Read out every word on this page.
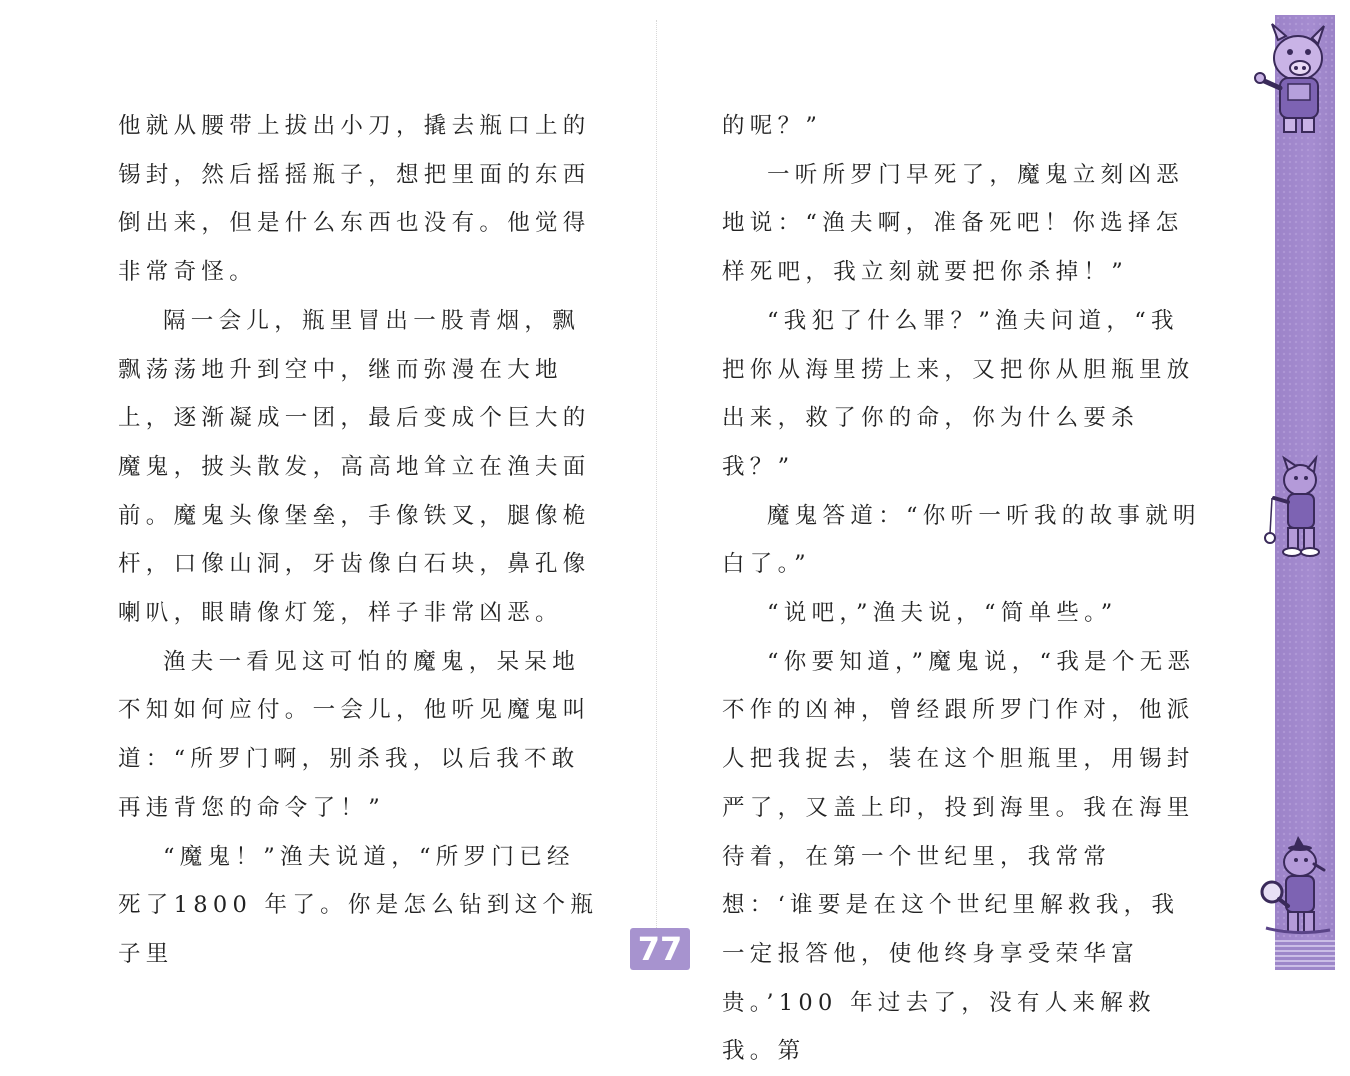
他就从腰带上拔出小刀，撬去瓶口上的锡封，然后摇摇瓶子，想把里面的东西倒出来，但是什么东西也没有。他觉得非常奇怪。

隔一会儿，瓶里冒出一股青烟，飘飘荡荡地升到空中，继而弥漫在大地上，逐渐凝成一团，最后变成个巨大的魔鬼，披头散发，高高地耸立在渔夫面前。魔鬼头像堡垒，手像铁叉，腿像桅杆，口像山洞，牙齿像白石块，鼻孔像喇叭，眼睛像灯笼，样子非常凶恶。

渔夫一看见这可怕的魔鬼，呆呆地不知如何应付。一会儿，他听见魔鬼叫道：“所罗门啊，别杀我，以后我不敢再违背您的命令了！”

“魔鬼！”渔夫说道，“所罗门已经死了1800 年了。你是怎么钻到这个瓶子里

的呢？”

一听所罗门早死了，魔鬼立刻凶恶地说：“渔夫啊，准备死吧！你选择怎样死吧，我立刻就要把你杀掉！”

“我犯了什么罪？”渔夫问道，“我把你从海里捞上来，又把你从胆瓶里放出来，救了你的命，你为什么要杀我？”

魔鬼答道：“你听一听我的故事就明白了。”

“说吧，”渔夫说，“简单些。”

“你要知道，”魔鬼说，“我是个无恶不作的凶神，曾经跟所罗门作对，他派人把我捉去，装在这个胆瓶里，用锡封严了，又盖上印，投到海里。我在海里待着，在第一个世纪里，我常常想：‘谁要是在这个世纪里解救我，我一定报答他，使他终身享受荣华富贵。’100 年过去了，没有人来解救我。第

77
